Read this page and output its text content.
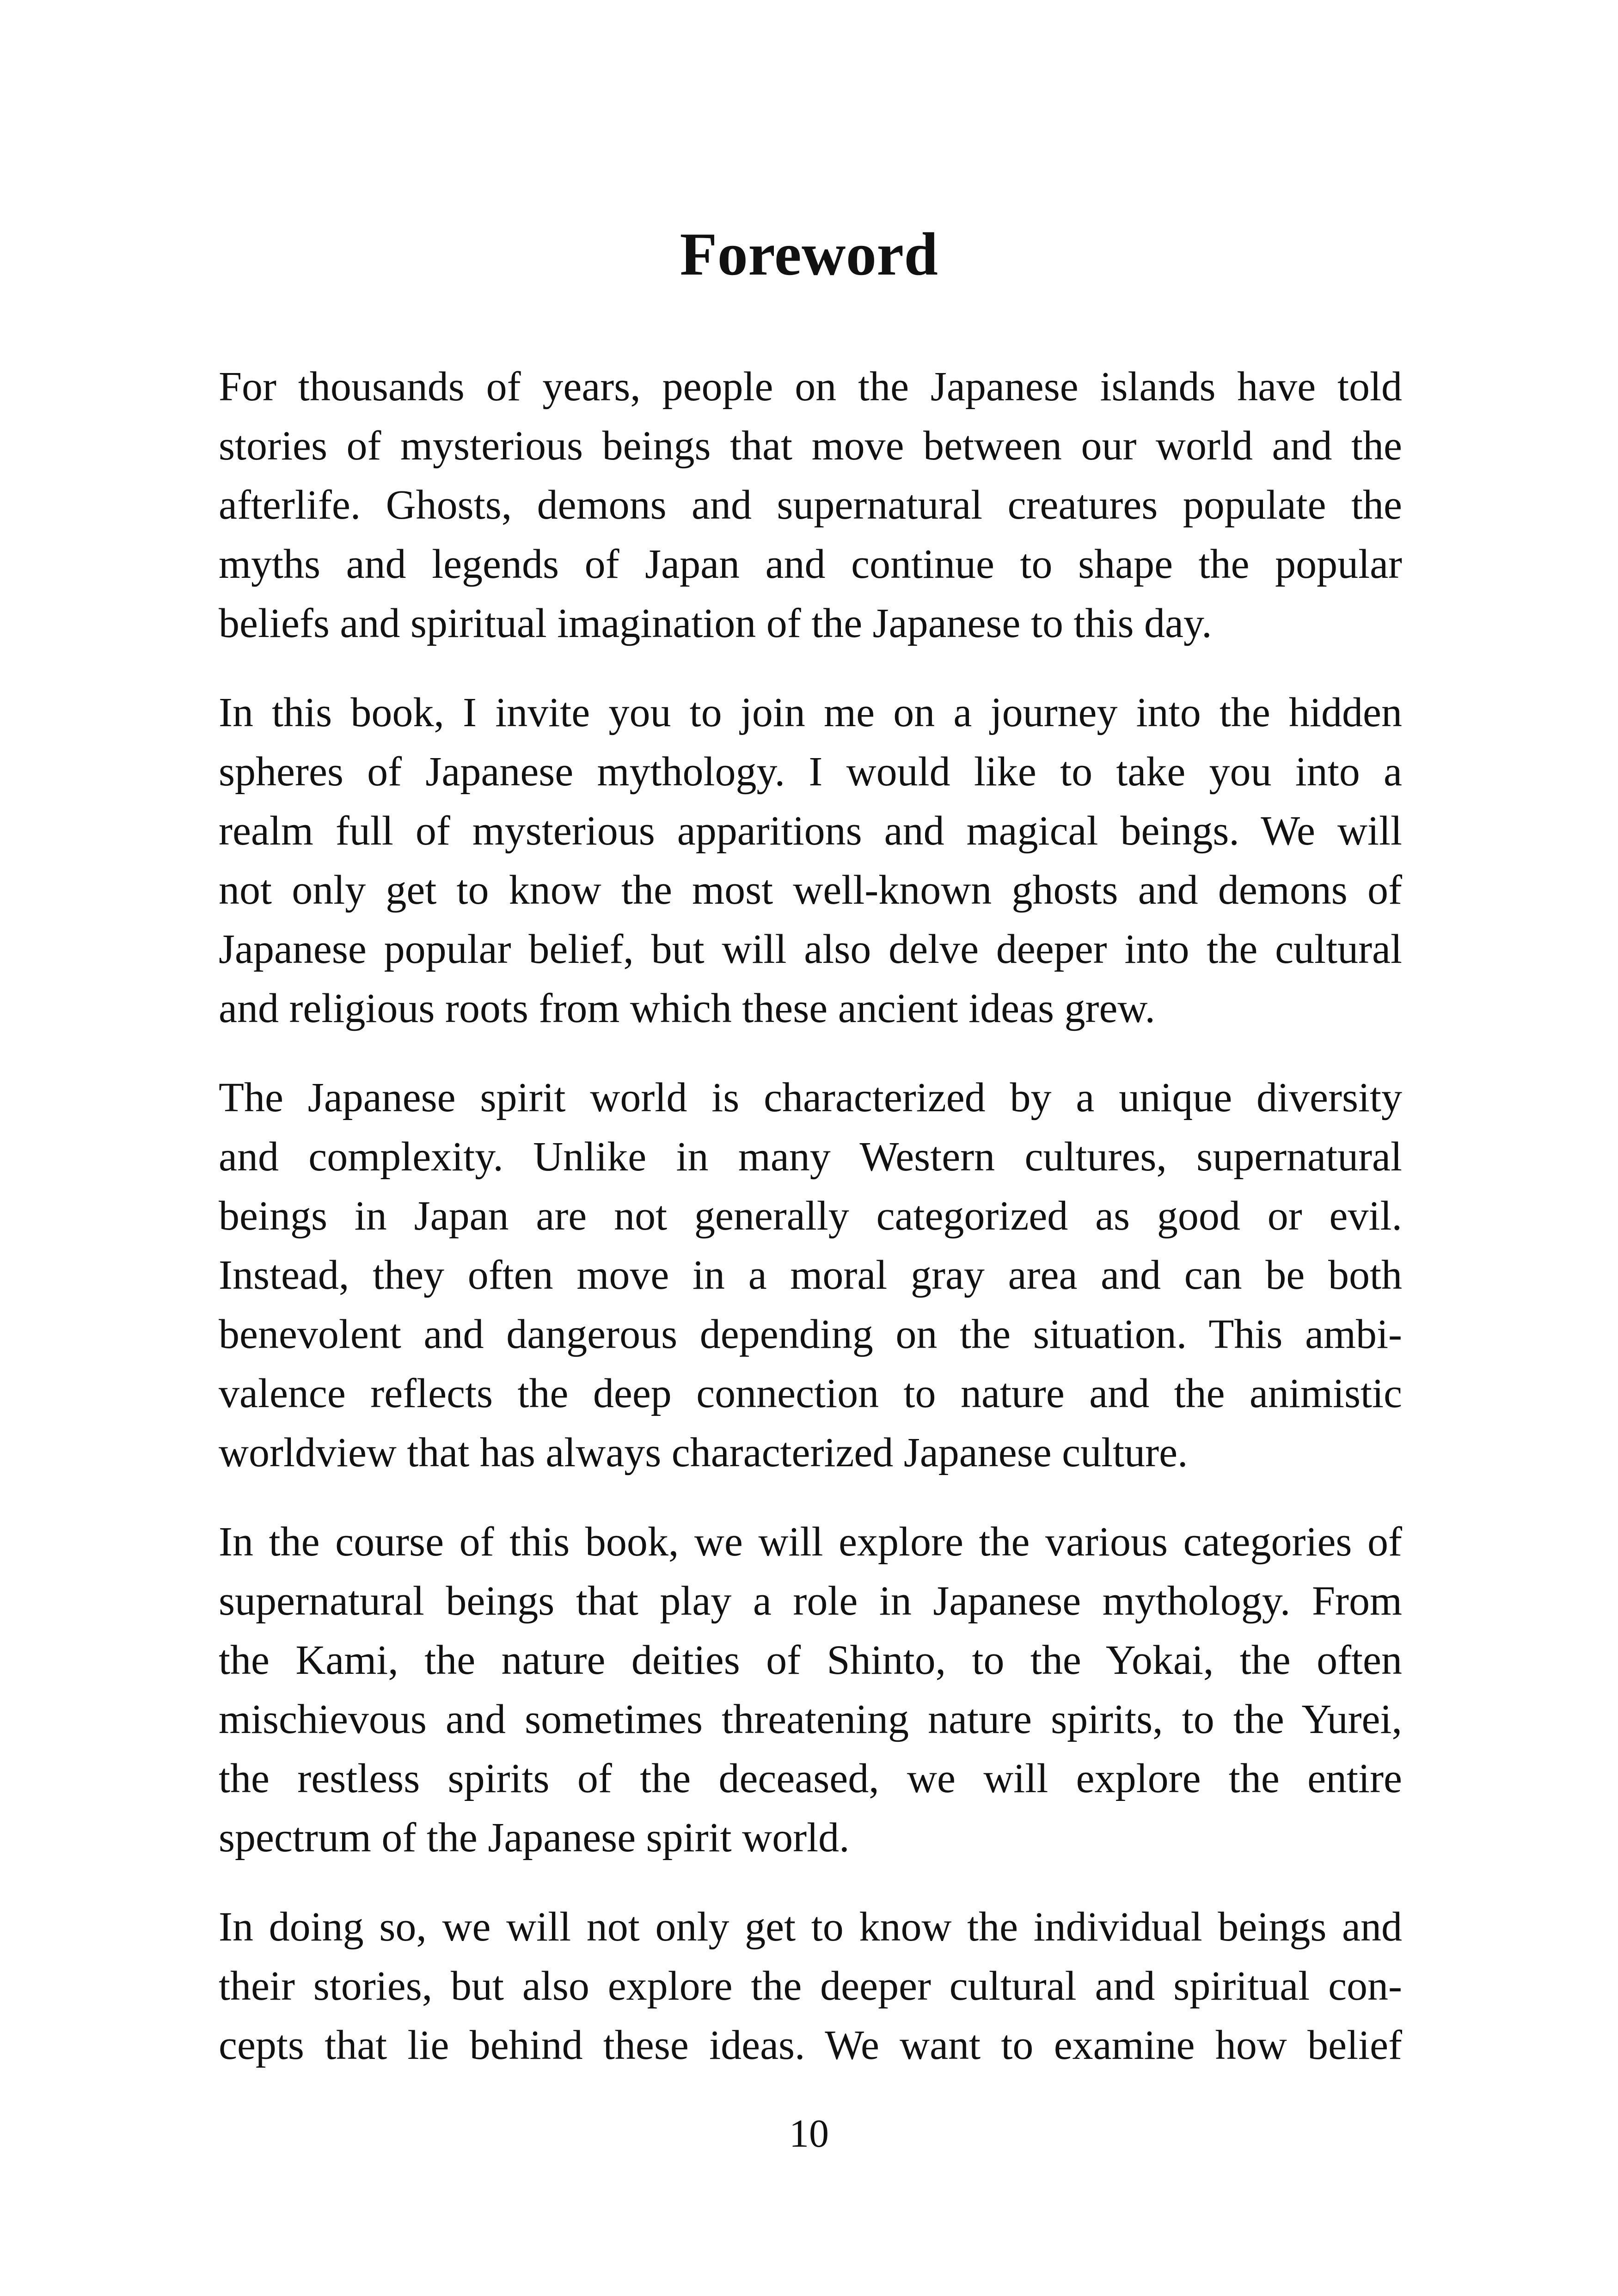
Foreword

For thousands of years, people on the Japanese islands have told
stories of mysterious beings that move between our world and the
afterlife. Ghosts, demons and supernatural creatures populate the
myths and legends of Japan and continue to shape the popular
beliefs and spiritual imagination of the Japanese to this day.

In this book, I invite you to join me on a journey into the hidden
spheres of Japanese mythology. I would like to take you into a
realm full of mysterious apparitions and magical beings. We will
not only get to know the most well-known ghosts and demons of
Japanese popular belief, but will also delve deeper into the cultural
and religious roots from which these ancient ideas grew.

The Japanese spirit world is characterized by a unique diversity
and complexity. Unlike in many Western cultures, supernatural
beings in Japan are not generally categorized as good or evil.
Instead, they often move in a moral gray area and can be both
benevolent and dangerous depending on the situation. This ambi-
valence reflects the deep connection to nature and the animistic
worldview that has always characterized Japanese culture.

In the course of this book, we will explore the various categories of
supernatural beings that play a role in Japanese mythology. From
the Kami, the nature deities of Shinto, to the Yokai, the often
mischievous and sometimes threatening nature spirits, to the Yurei,
the restless spirits of the deceased, we will explore the entire
spectrum of the Japanese spirit world.

In doing so, we will not only get to know the individual beings and
their stories, but also explore the deeper cultural and spiritual con-
cepts that lie behind these ideas. We want to examine how belief

10
